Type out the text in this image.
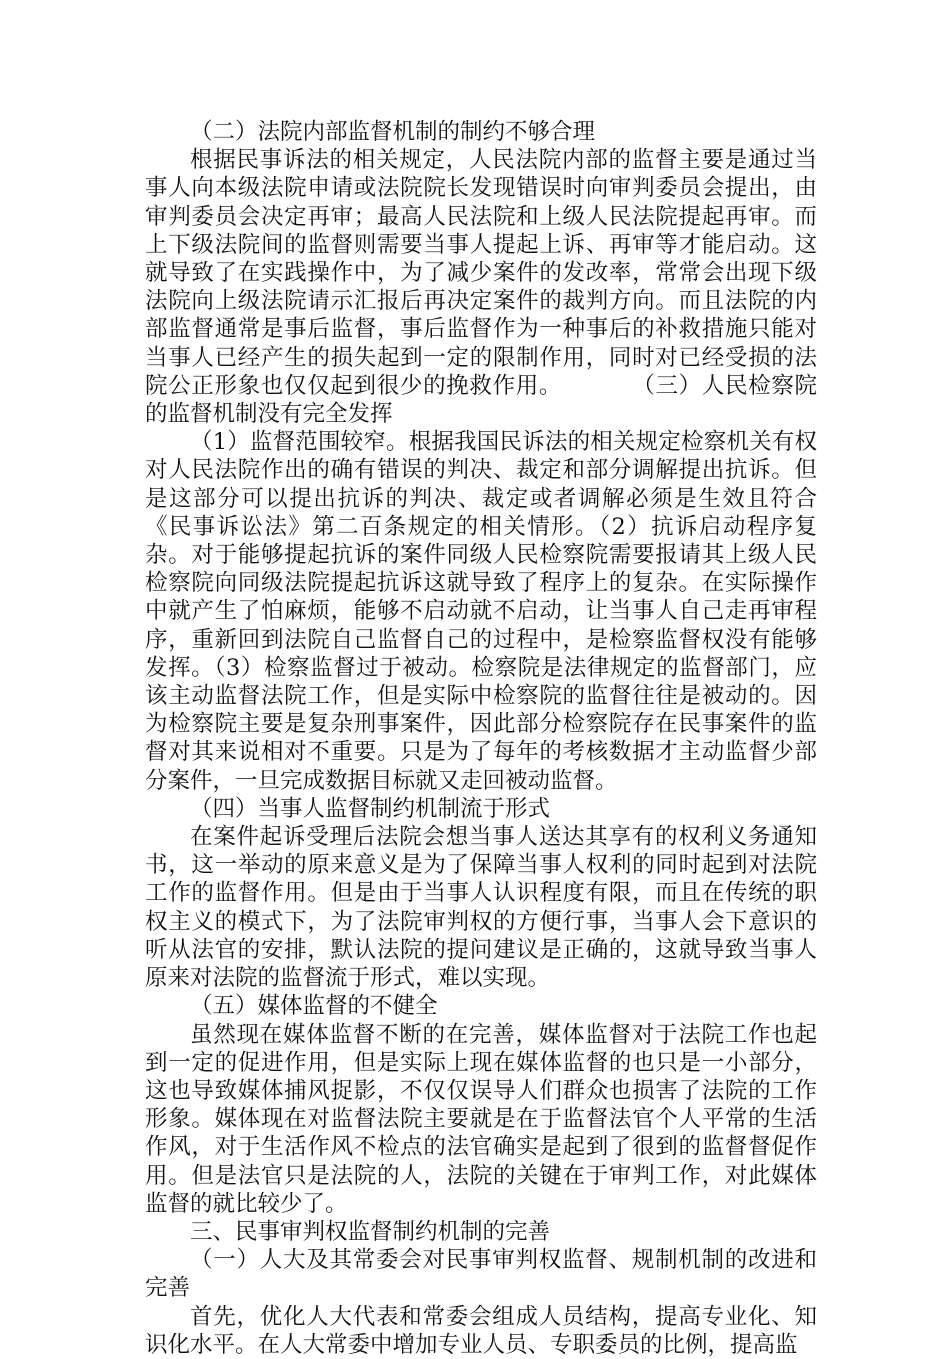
（二）法院内部监督机制的制约不够合理

根据民事诉法的相关规定，人民法院内部的监督主要是通过当事人向本级法院申请或法院院长发现错误时向审判委员会提出，由审判委员会决定再审；最高人民法院和上级人民法院提起再审。而上下级法院间的监督则需要当事人提起上诉、再审等才能启动。这就导致了在实践操作中，为了减少案件的发改率，常常会出现下级法院向上级法院请示汇报后再决定案件的裁判方向。而且法院的内部监督通常是事后监督，事后监督作为一种事后的补救措施只能对当事人已经产生的损失起到一定的限制作用，同时对已经受损的法院公正形象也仅仅起到很少的挽救作用。　　　　（三）人民检察院的监督机制没有完全发挥

（1）监督范围较窄。根据我国民诉法的相关规定检察机关有权对人民法院作出的确有错误的判决、裁定和部分调解提出抗诉。但是这部分可以提出抗诉的判决、裁定或者调解必须是生效且符合《民事诉讼法》第二百条规定的相关情形。（2）抗诉启动程序复杂。对于能够提起抗诉的案件同级人民检察院需要报请其上级人民检察院向同级法院提起抗诉这就导致了程序上的复杂。在实际操作中就产生了怕麻烦，能够不启动就不启动，让当事人自己走再审程序，重新回到法院自己监督自己的过程中，是检察监督权没有能够发挥。（3）检察监督过于被动。检察院是法律规定的监督部门，应该主动监督法院工作，但是实际中检察院的监督往往是被动的。因为检察院主要是复杂刑事案件，因此部分检察院存在民事案件的监督对其来说相对不重要。只是为了每年的考核数据才主动监督少部分案件，一旦完成数据目标就又走回被动监督。

（四）当事人监督制约机制流于形式

在案件起诉受理后法院会想当事人送达其享有的权利义务通知书，这一举动的原来意义是为了保障当事人权利的同时起到对法院工作的监督作用。但是由于当事人认识程度有限，而且在传统的职权主义的模式下，为了法院审判权的方便行事，当事人会下意识的听从法官的安排，默认法院的提问建议是正确的，这就导致当事人原来对法院的监督流于形式，难以实现。

（五）媒体监督的不健全

虽然现在媒体监督不断的在完善，媒体监督对于法院工作也起到一定的促进作用，但是实际上现在媒体监督的也只是一小部分，这也导致媒体捕风捉影，不仅仅误导人们群众也损害了法院的工作形象。媒体现在对监督法院主要就是在于监督法官个人平常的生活作风，对于生活作风不检点的法官确实是起到了很到的监督督促作用。但是法官只是法院的人，法院的关键在于审判工作，对此媒体监督的就比较少了。

三、民事审判权监督制约机制的完善

（一）人大及其常委会对民事审判权监督、规制机制的改进和完善

首先，优化人大代表和常委会组成人员结构，提高专业化、知识化水平。在人大常委中增加专业人员、专职委员的比例，提高监
